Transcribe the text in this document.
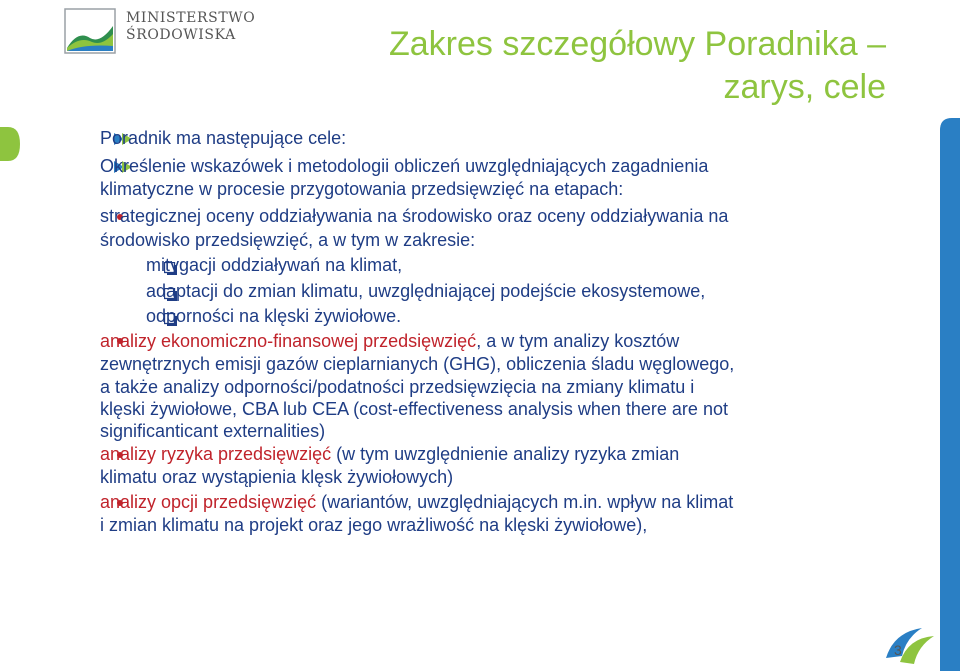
MINISTERSTWO
ŚRODOWISKA	Zakres szczegółowy Poradnika –
zarys, cele
Poradnik ma następujące cele:
Określenie wskazówek i metodologii obliczeń uwzględniających zagadnienia
klimatyczne w procesie przygotowania przedsięwzięć na etapach:
strategicznej oceny oddziaływania na środowisko oraz oceny oddziaływania na
środowisko przedsięwzięć, a w tym w zakresie:
mitygacji oddziaływań na klimat,
adaptacji do zmian klimatu, uwzględniającej podejście ekosystemowe,
odporności na klęski żywiołowe.
analizy ekonomiczno-finansowej przedsięwzięć, a w tym analizy kosztów
zewnętrznych emisji gazów cieplarnianych (GHG), obliczenia śladu węglowego,
a także analizy odporności/podatności przedsięwzięcia na zmiany klimatu i
klęski żywiołowe, CBA lub CEA (cost-effectiveness analysis when there are not
significanticant externalities)
analizy ryzyka przedsięwzięć (w tym uwzględnienie analizy ryzyka zmian
klimatu oraz wystąpienia klęsk żywiołowych)
analizy opcji przedsięwzięć (wariantów, uwzględniających m.in. wpływ na klimat
i zmian klimatu na projekt oraz jego wrażliwość na klęski żywiołowe),
3
